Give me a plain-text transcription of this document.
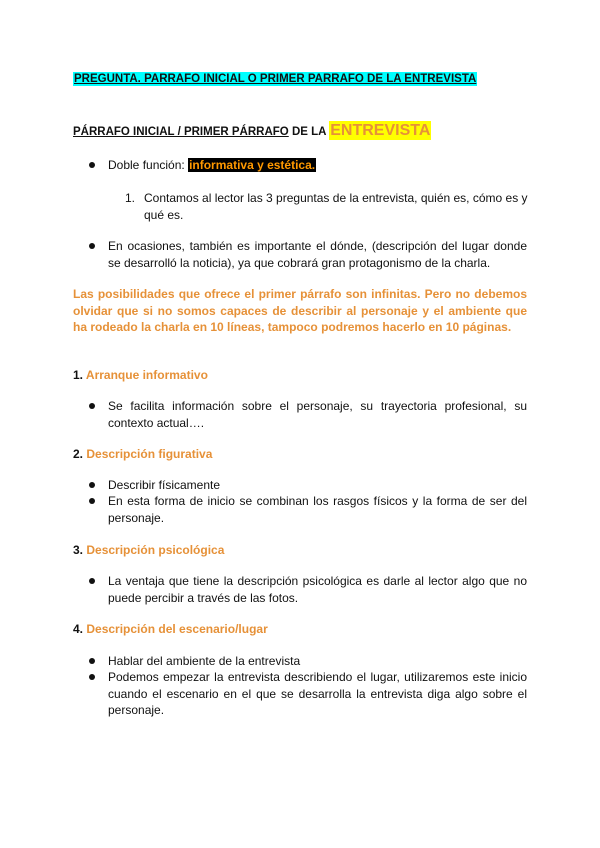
PREGUNTA. PARRAFO INICIAL O PRIMER PARRAFO DE LA ENTREVISTA
PÁRRAFO INICIAL / PRIMER PÁRRAFO DE LA ENTREVISTA
Doble función: informativa y estética.
1. Contamos al lector las 3 preguntas de la entrevista, quién es, cómo es y qué es.
En ocasiones, también es importante el dónde, (descripción del lugar donde se desarrolló la noticia), ya que cobrará gran protagonismo de la charla.
Las posibilidades que ofrece el primer párrafo son infinitas. Pero no debemos olvidar que si no somos capaces de describir al personaje y el ambiente que ha rodeado la charla en 10 líneas, tampoco podremos hacerlo en 10 páginas.
1. Arranque informativo
Se facilita información sobre el personaje, su trayectoria profesional, su contexto actual….
2. Descripción figurativa
Describir físicamente
En esta forma de inicio se combinan los rasgos físicos y la forma de ser del personaje.
3. Descripción psicológica
La ventaja que tiene la descripción psicológica es darle al lector algo que no puede percibir a través de las fotos.
4. Descripción del escenario/lugar
Hablar del ambiente de la entrevista
Podemos empezar la entrevista describiendo el lugar, utilizaremos este inicio cuando el escenario en el que se desarrolla la entrevista diga algo sobre el personaje.
